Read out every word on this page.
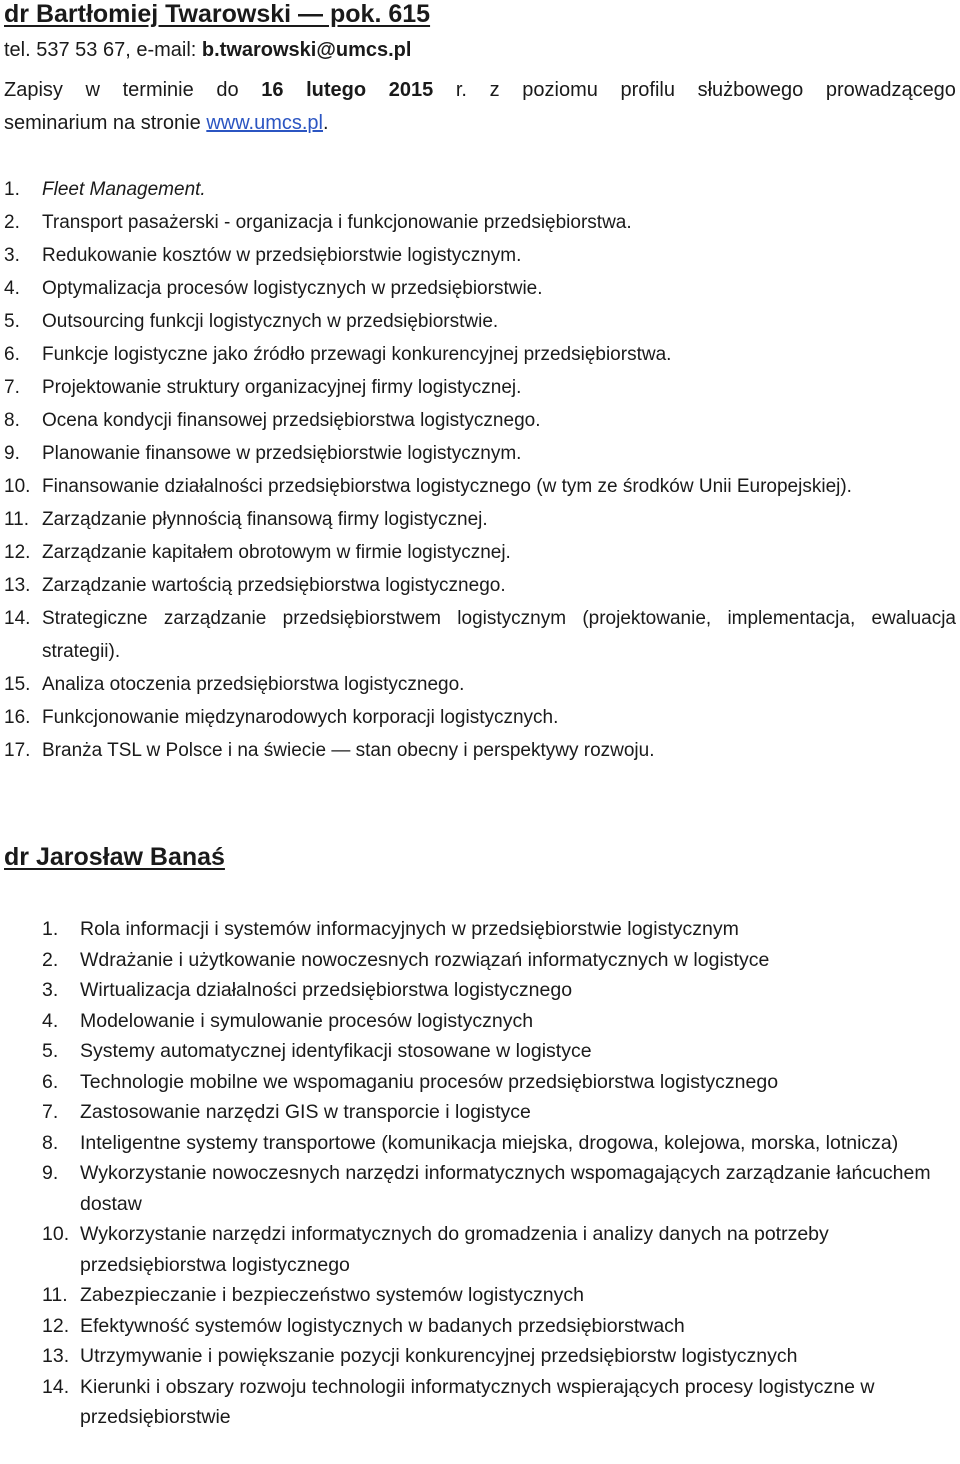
dr Bartłomiej Twarowski — pok. 615
tel. 537 53 67, e-mail: b.twarowski@umcs.pl
Zapisy w terminie do 16 lutego 2015 r. z poziomu profilu służbowego prowadzącego
seminarium na stronie www.umcs.pl.
1.	Fleet Management.
2.	Transport pasażerski - organizacja i funkcjonowanie przedsiębiorstwa.
3.	Redukowanie kosztów w przedsiębiorstwie logistycznym.
4.	Optymalizacja procesów logistycznych w przedsiębiorstwie.
5.	Outsourcing funkcji logistycznych w przedsiębiorstwie.
6.	Funkcje logistyczne jako źródło przewagi konkurencyjnej przedsiębiorstwa.
7.	Projektowanie struktury organizacyjnej firmy logistycznej.
8.	Ocena kondycji finansowej przedsiębiorstwa logistycznego.
9.	Planowanie finansowe w przedsiębiorstwie logistycznym.
10. Finansowanie działalności przedsiębiorstwa logistycznego (w tym ze środków Unii Europejskiej).
11. Zarządzanie płynnością finansową firmy logistycznej.
12. Zarządzanie kapitałem obrotowym w firmie logistycznej.
13. Zarządzanie wartością przedsiębiorstwa logistycznego.
14. Strategiczne zarządzanie przedsiębiorstwem logistycznym (projektowanie, implementacja, ewaluacja strategii).
15. Analiza otoczenia przedsiębiorstwa logistycznego.
16. Funkcjonowanie międzynarodowych korporacji logistycznych.
17. Branża TSL w Polsce i na świecie — stan obecny i perspektywy rozwoju.
dr Jarosław Banaś
1.	Rola informacji i systemów informacyjnych w przedsiębiorstwie logistycznym
2.	Wdrażanie i użytkowanie nowoczesnych rozwiązań informatycznych w logistyce
3.	Wirtualizacja działalności przedsiębiorstwa logistycznego
4.	Modelowanie i symulowanie procesów logistycznych
5.	Systemy automatycznej identyfikacji stosowane w logistyce
6.	Technologie mobilne we wspomaganiu procesów przedsiębiorstwa logistycznego
7.	Zastosowanie narzędzi GIS w transporcie i logistyce
8.	Inteligentne systemy transportowe (komunikacja miejska, drogowa, kolejowa, morska, lotnicza)
9.	Wykorzystanie nowoczesnych narzędzi informatycznych wspomagających zarządzanie łańcuchem dostaw
10. Wykorzystanie narzędzi informatycznych do gromadzenia i analizy danych na potrzeby przedsiębiorstwa logistycznego
11. Zabezpieczanie i bezpieczeństwo systemów logistycznych
12. Efektywność systemów logistycznych w badanych przedsiębiorstwach
13. Utrzymywanie i powiększanie pozycji konkurencyjnej przedsiębiorstw logistycznych
14. Kierunki i obszary rozwoju technologii informatycznych wspierających procesy logistyczne w przedsiębiorstwie
